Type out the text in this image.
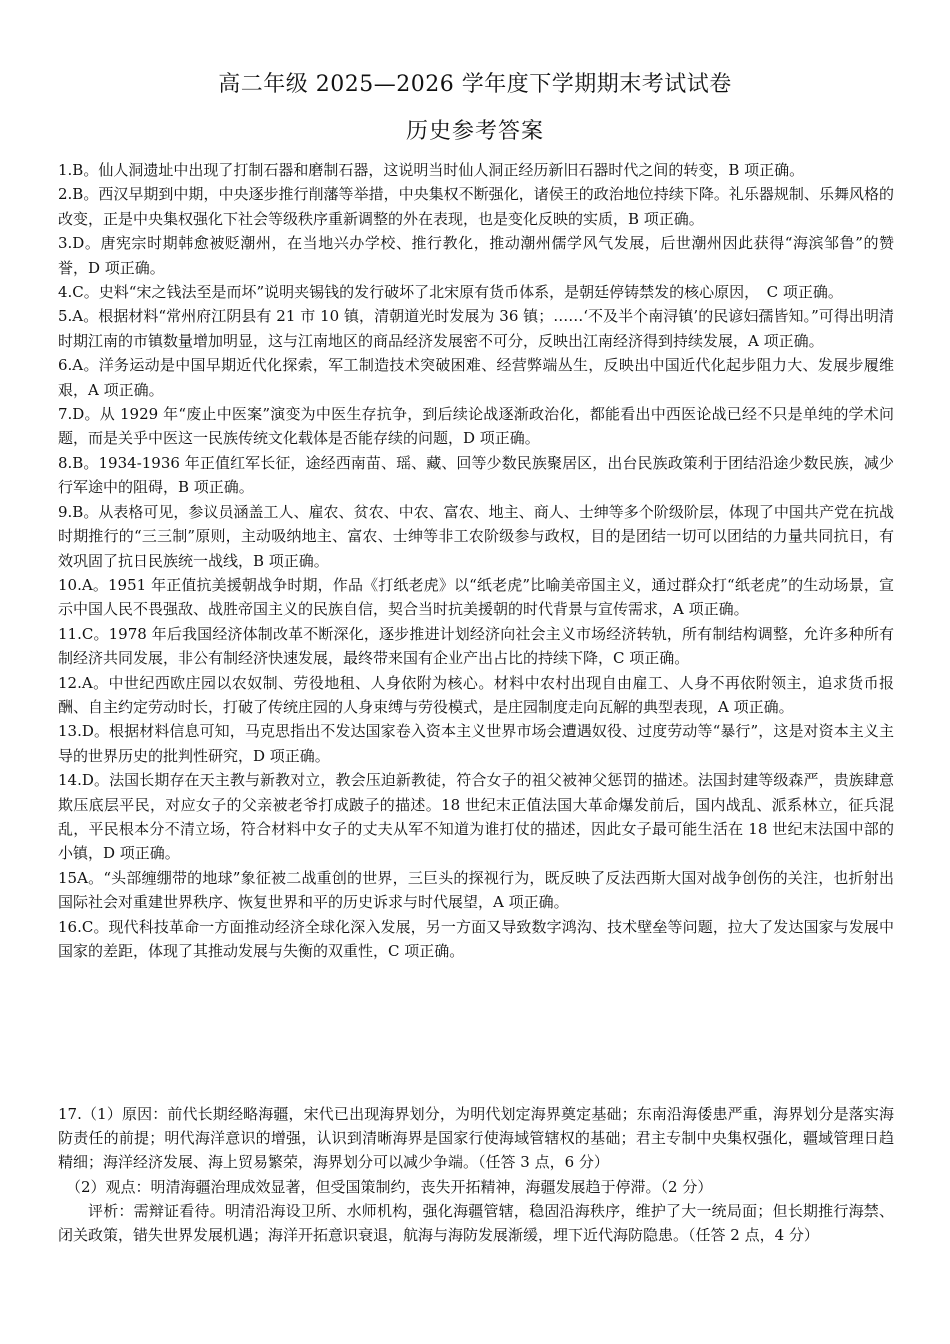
高二年级 2025—2026 学年度下学期期末考试试卷
历史参考答案

1.B。仙人洞遗址中出现了打制石器和磨制石器，这说明当时仙人洞正经历新旧石器时代之间的转变，B 项正确。

2.B。西汉早期到中期，中央逐步推行削藩等举措，中央集权不断强化，诸侯王的政治地位持续下降。礼乐器规制、乐舞风格的改变，正是中央集权强化下社会等级秩序重新调整的外在表现，也是变化反映的实质，B 项正确。

3.D。唐宪宗时期韩愈被贬潮州，在当地兴办学校、推行教化，推动潮州儒学风气发展，后世潮州因此获得“海滨邹鲁”的赞誉，D 项正确。

4.C。史料“宋之钱法至是而坏”说明夹锡钱的发行破坏了北宋原有货币体系，是朝廷停铸禁发的核心原因，　C 项正确。

5.A。根据材料“常州府江阴县有 21 市 10 镇，清朝道光时发展为 36 镇；……‘不及半个南浔镇’的民谚妇孺皆知。”可得出明清时期江南的市镇数量增加明显，这与江南地区的商品经济发展密不可分，反映出江南经济得到持续发展，A 项正确。

6.A。洋务运动是中国早期近代化探索，军工制造技术突破困难、经营弊端丛生，反映出中国近代化起步阻力大、发展步履维艰，A 项正确。

7.D。从 1929 年“废止中医案”演变为中医生存抗争，到后续论战逐渐政治化，都能看出中西医论战已经不只是单纯的学术问题，而是关乎中医这一民族传统文化载体是否能存续的问题，D 项正确。

8.B。1934-1936 年正值红军长征，途经西南苗、瑶、藏、回等少数民族聚居区，出台民族政策利于团结沿途少数民族，减少行军途中的阻碍，B 项正确。

9.B。从表格可见，参议员涵盖工人、雇农、贫农、中农、富农、地主、商人、士绅等多个阶级阶层，体现了中国共产党在抗战时期推行的“三三制”原则，主动吸纳地主、富农、士绅等非工农阶级参与政权，目的是团结一切可以团结的力量共同抗日，有效巩固了抗日民族统一战线，B 项正确。

10.A。1951 年正值抗美援朝战争时期，作品《打纸老虎》以“纸老虎”比喻美帝国主义，通过群众打“纸老虎”的生动场景，宣示中国人民不畏强敌、战胜帝国主义的民族自信，契合当时抗美援朝的时代背景与宣传需求，A 项正确。

11.C。1978 年后我国经济体制改革不断深化，逐步推进计划经济向社会主义市场经济转轨，所有制结构调整，允许多种所有制经济共同发展，非公有制经济快速发展，最终带来国有企业产出占比的持续下降，C 项正确。

12.A。中世纪西欧庄园以农奴制、劳役地租、人身依附为核心。材料中农村出现自由雇工、人身不再依附领主，追求货币报酬、自主约定劳动时长，打破了传统庄园的人身束缚与劳役模式，是庄园制度走向瓦解的典型表现，A 项正确。

13.D。根据材料信息可知，马克思指出不发达国家卷入资本主义世界市场会遭遇奴役、过度劳动等“暴行”，这是对资本主义主导的世界历史的批判性研究，D 项正确。

14.D。法国长期存在天主教与新教对立，教会压迫新教徒，符合女子的祖父被神父惩罚的描述。法国封建等级森严，贵族肆意欺压底层平民，对应女子的父亲被老爷打成跛子的描述。18 世纪末正值法国大革命爆发前后，国内战乱、派系林立，征兵混乱，平民根本分不清立场，符合材料中女子的丈夫从军不知道为谁打仗的描述，因此女子最可能生活在 18 世纪末法国中部的小镇，D 项正确。

15A。“头部缠绷带的地球”象征被二战重创的世界，三巨头的探视行为，既反映了反法西斯大国对战争创伤的关注，也折射出国际社会对重建世界秩序、恢复世界和平的历史诉求与时代展望，A 项正确。

16.C。现代科技革命一方面推动经济全球化深入发展，另一方面又导致数字鸿沟、技术壁垒等问题，拉大了发达国家与发展中国家的差距，体现了其推动发展与失衡的双重性，C 项正确。

17.（1）原因：前代长期经略海疆，宋代已出现海界划分，为明代划定海界奠定基础；东南沿海倭患严重，海界划分是落实海防责任的前提；明代海洋意识的增强，认识到清晰海界是国家行使海域管辖权的基础；君主专制中央集权强化，疆域管理日趋精细；海洋经济发展、海上贸易繁荣，海界划分可以减少争端。（任答 3 点，6 分）

（2）观点：明清海疆治理成效显著，但受国策制约，丧失开拓精神，海疆发展趋于停滞。（2 分）

评析：需辩证看待。明清沿海设卫所、水师机构，强化海疆管辖，稳固沿海秩序，维护了大一统局面；但长期推行海禁、闭关政策，错失世界发展机遇；海洋开拓意识衰退，航海与海防发展渐缓，埋下近代海防隐患。（任答 2 点，4 分）
